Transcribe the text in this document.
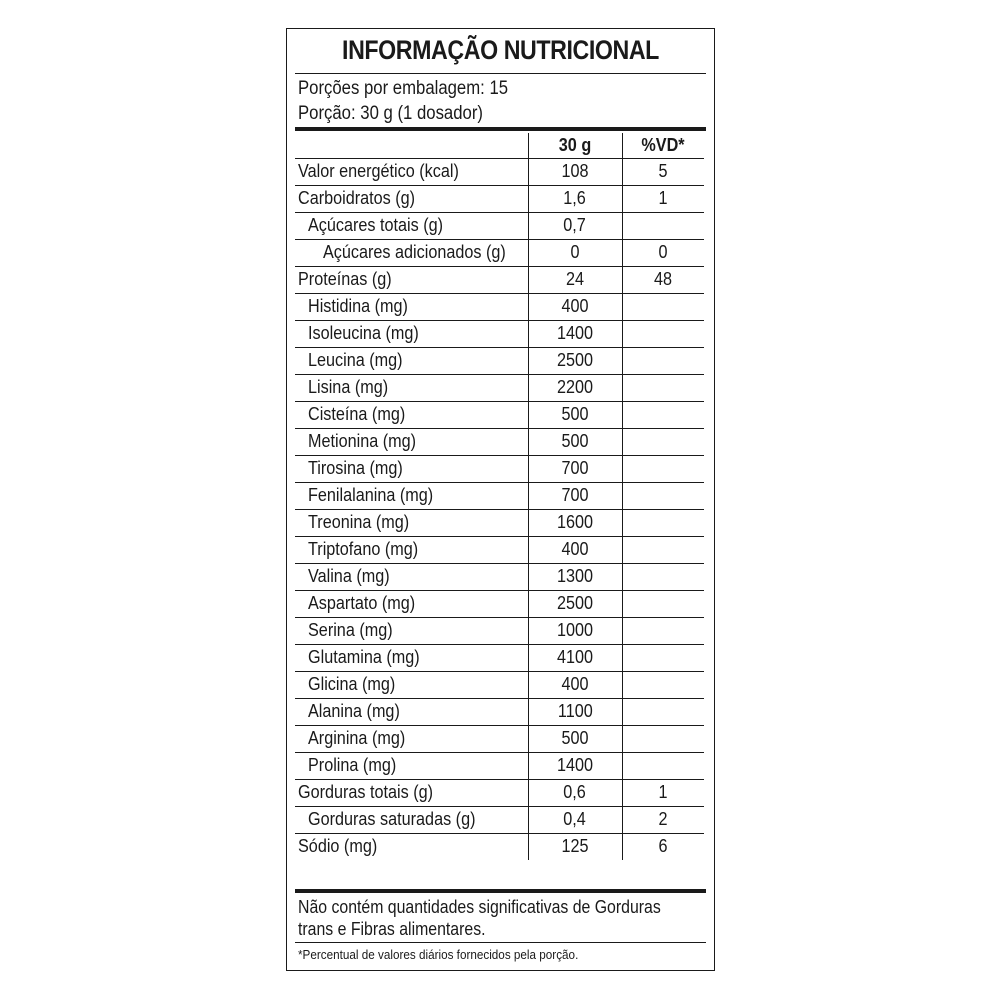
INFORMAÇÃO NUTRICIONAL
Porções por embalagem: 15
Porção: 30 g (1 dosador)
	30 g	%VD*
Valor energético (kcal)	108	5
Carboidratos (g)	1,6	1
Açúcares totais (g)	0,7	
Açúcares adicionados (g)	0	0
Proteínas (g)	24	48
Histidina (mg)	400	
Isoleucina (mg)	1400	
Leucina (mg)	2500	
Lisina (mg)	2200	
Cisteína (mg)	500	
Metionina (mg)	500	
Tirosina (mg)	700	
Fenilalanina (mg)	700	
Treonina (mg)	1600	
Triptofano (mg)	400	
Valina (mg)	1300	
Aspartato (mg)	2500	
Serina (mg)	1000	
Glutamina (mg)	4100	
Glicina (mg)	400	
Alanina (mg)	1100	
Arginina (mg)	500	
Prolina (mg)	1400	
Gorduras totais (g)	0,6	1
Gorduras saturadas (g)	0,4	2
Sódio (mg)	125	6
Não contém quantidades significativas de Gorduras
trans e Fibras alimentares.
*Percentual de valores diários fornecidos pela porção.
